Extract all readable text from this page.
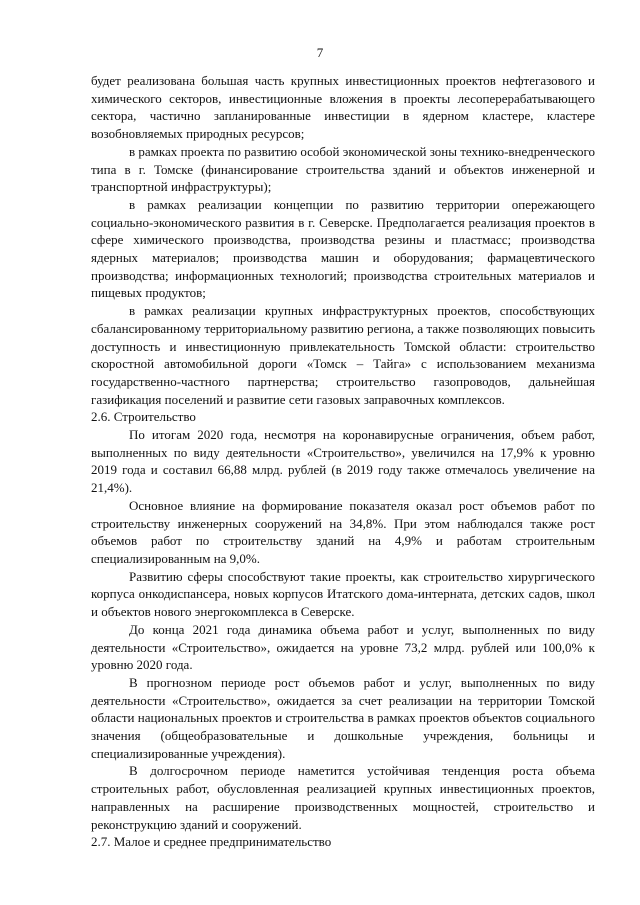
7

будет реализована большая часть крупных инвестиционных проектов нефтегазового и химического секторов, инвестиционные вложения в проекты лесоперерабатывающего сектора, частично запланированные инвестиции в ядерном кластере, кластере возобновляемых природных ресурсов;

в рамках проекта по развитию особой экономической зоны технико-внедренческого типа в г. Томске (финансирование строительства зданий и объектов инженерной и транспортной инфраструктуры);

в рамках реализации концепции по развитию территории опережающего социально-экономического развития в г. Северске. Предполагается реализация проектов в сфере химического производства, производства резины и пластмасс; производства ядерных материалов; производства машин и оборудования; фармацевтического производства; информационных технологий; производства строительных материалов и пищевых продуктов;

в рамках реализации крупных инфраструктурных проектов, способствующих сбалансированному территориальному развитию региона, а также позволяющих повысить доступность и инвестиционную привлекательность Томской области: строительство скоростной автомобильной дороги «Томск – Тайга» с использованием механизма государственно-частного партнерства; строительство газопроводов, дальнейшая газификация поселений и развитие сети газовых заправочных комплексов.

2.6. Строительство

По итогам 2020 года, несмотря на коронавирусные ограничения, объем работ, выполненных по виду деятельности «Строительство», увеличился на 17,9% к уровню 2019 года и составил 66,88 млрд. рублей (в 2019 году также отмечалось увеличение на 21,4%).

Основное влияние на формирование показателя оказал рост объемов работ по строительству инженерных сооружений на 34,8%. При этом наблюдался также рост объемов работ по строительству зданий на 4,9% и работам строительным специализированным на 9,0%.

Развитию сферы способствуют такие проекты, как строительство хирургического корпуса онкодиспансера, новых корпусов Итатского дома-интерната, детских садов, школ и объектов нового энергокомплекса в Северске.

До конца 2021 года динамика объема работ и услуг, выполненных по виду деятельности «Строительство», ожидается на уровне 73,2 млрд. рублей или 100,0% к уровню 2020 года.

В прогнозном периоде рост объемов работ и услуг, выполненных по виду деятельности «Строительство», ожидается за счет реализации на территории Томской области национальных проектов и строительства в рамках проектов объектов социального значения (общеобразовательные и дошкольные учреждения, больницы и специализированные учреждения).

В долгосрочном периоде наметится устойчивая тенденция роста объема строительных работ, обусловленная реализацией крупных инвестиционных проектов, направленных на расширение производственных мощностей, строительство и реконструкцию зданий и сооружений.

2.7. Малое и среднее предпринимательство
